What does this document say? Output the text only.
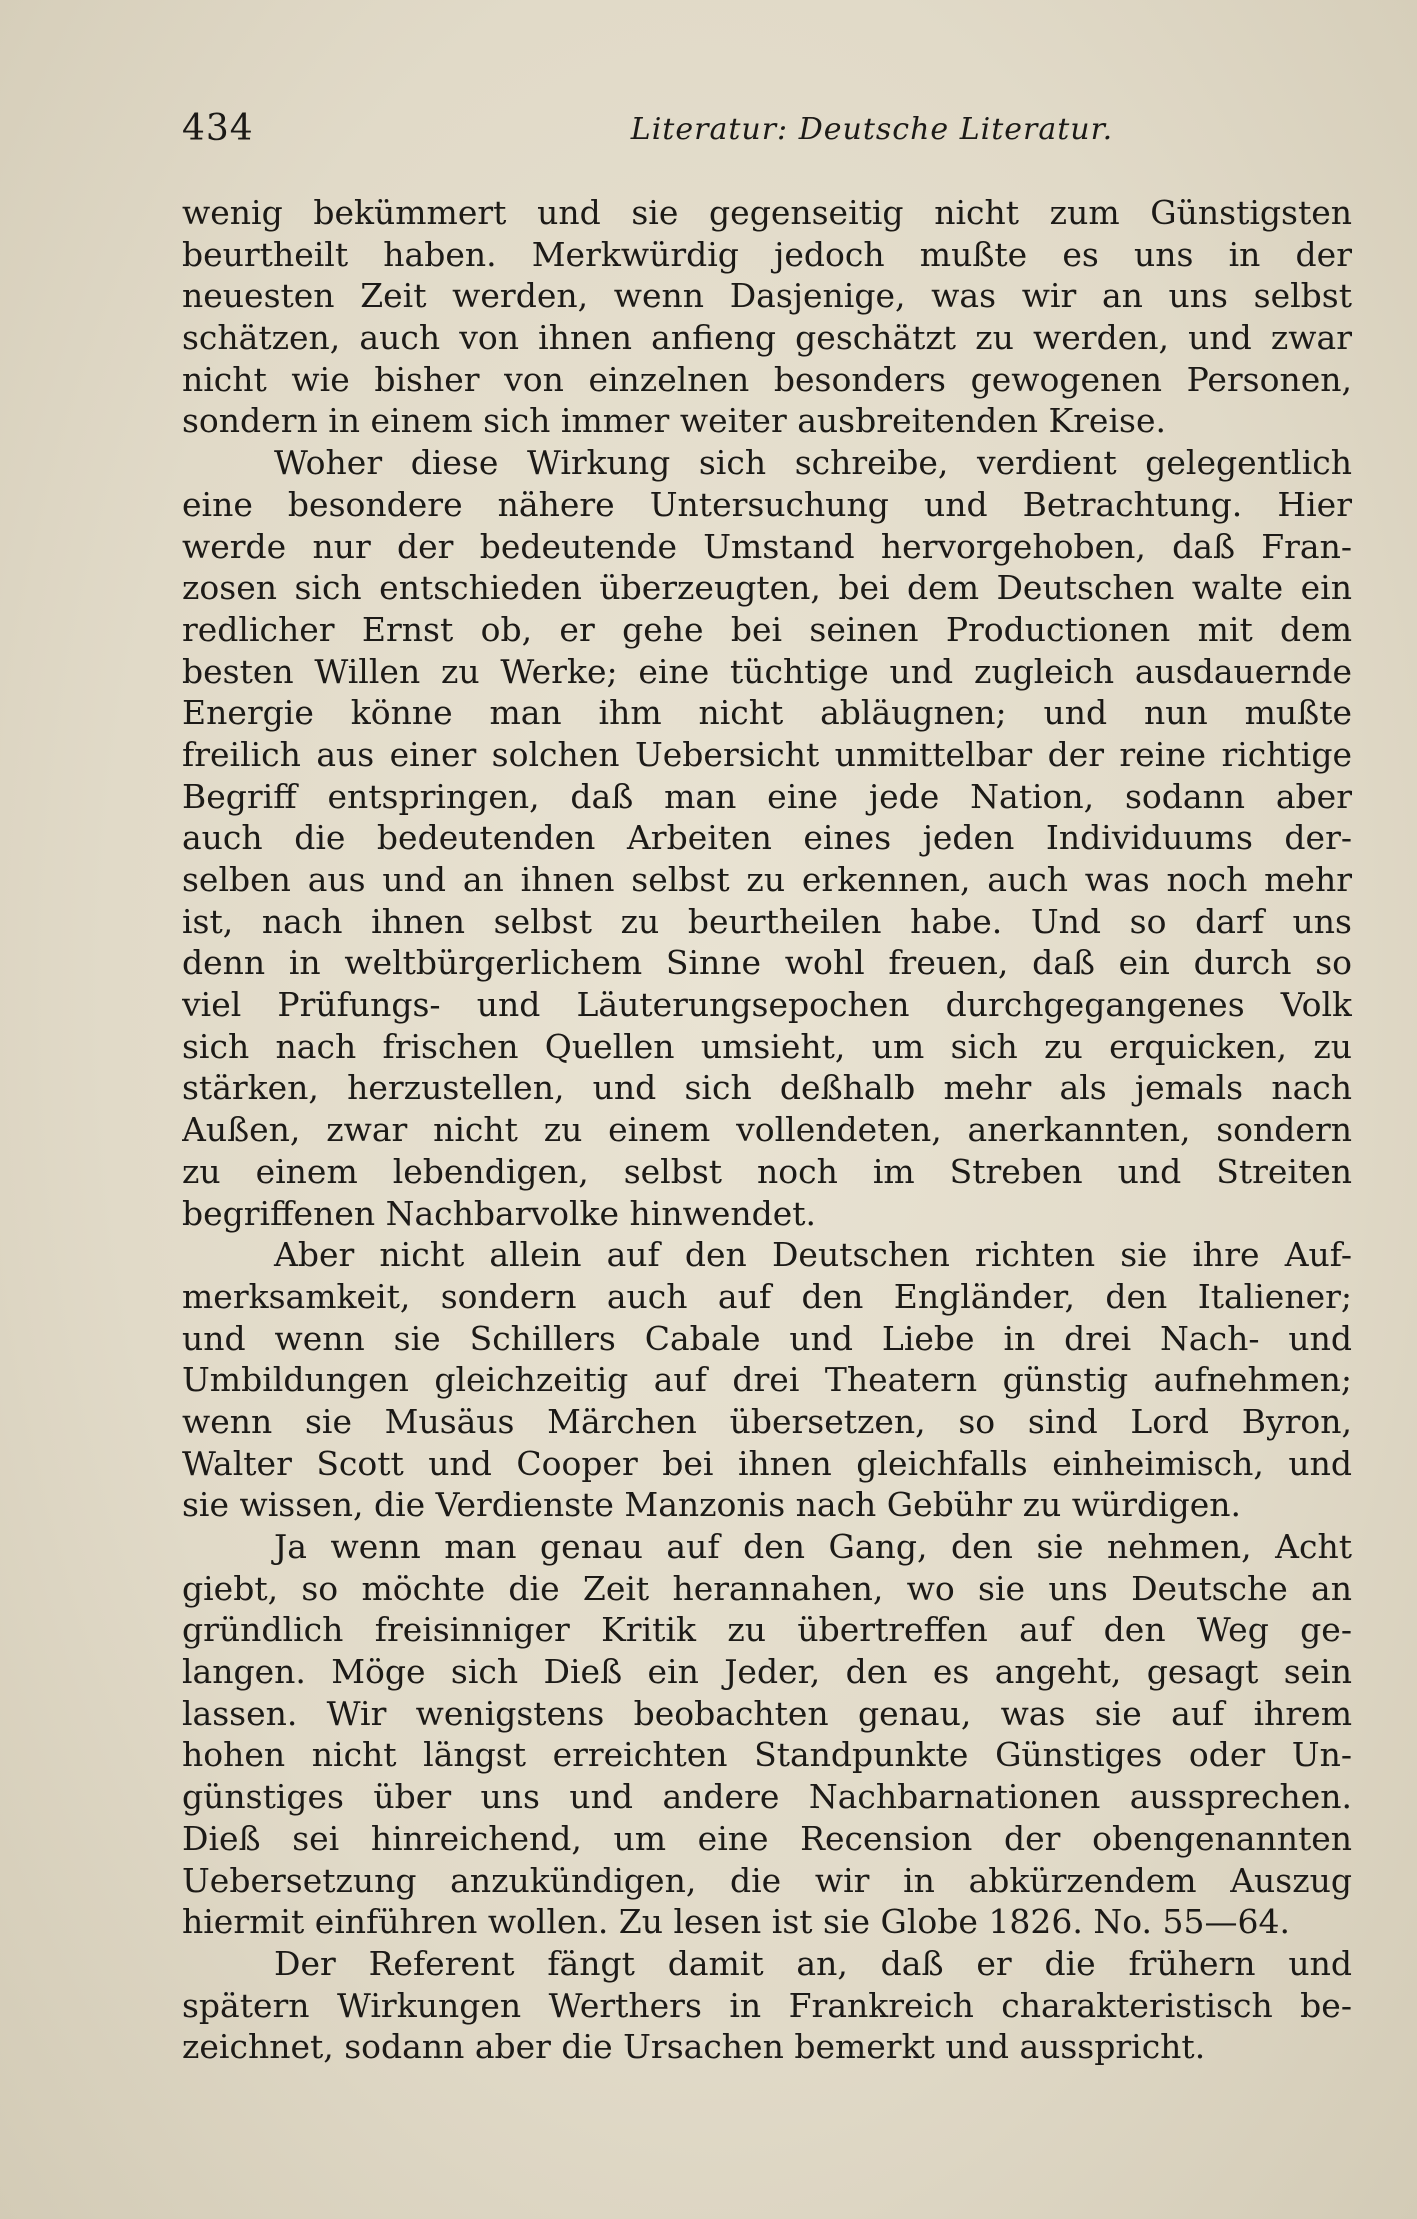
434	Literatur: Deutsche Literatur.
wenig bekümmert und sie gegenseitig nicht zum Günstigsten
beurtheilt haben. Merkwürdig jedoch mußte es uns in der
neuesten Zeit werden, wenn Dasjenige, was wir an uns selbst
schätzen, auch von ihnen anfieng geschätzt zu werden, und zwar
nicht wie bisher von einzelnen besonders gewogenen Personen,
sondern in einem sich immer weiter ausbreitenden Kreise.
Woher diese Wirkung sich schreibe, verdient gelegentlich
eine besondere nähere Untersuchung und Betrachtung. Hier
werde nur der bedeutende Umstand hervorgehoben, daß Fran-
zosen sich entschieden überzeugten, bei dem Deutschen walte ein
redlicher Ernst ob, er gehe bei seinen Productionen mit dem
besten Willen zu Werke; eine tüchtige und zugleich ausdauernde
Energie könne man ihm nicht abläugnen; und nun mußte
freilich aus einer solchen Uebersicht unmittelbar der reine richtige
Begriff entspringen, daß man eine jede Nation, sodann aber
auch die bedeutenden Arbeiten eines jeden Individuums der-
selben aus und an ihnen selbst zu erkennen, auch was noch mehr
ist, nach ihnen selbst zu beurtheilen habe. Und so darf uns
denn in weltbürgerlichem Sinne wohl freuen, daß ein durch so
viel Prüfungs- und Läuterungsepochen durchgegangenes Volk
sich nach frischen Quellen umsieht, um sich zu erquicken, zu
stärken, herzustellen, und sich deßhalb mehr als jemals nach
Außen, zwar nicht zu einem vollendeten, anerkannten, sondern
zu einem lebendigen, selbst noch im Streben und Streiten
begriffenen Nachbarvolke hinwendet.
Aber nicht allein auf den Deutschen richten sie ihre Auf-
merksamkeit, sondern auch auf den Engländer, den Italiener;
und wenn sie Schillers Cabale und Liebe in drei Nach- und
Umbildungen gleichzeitig auf drei Theatern günstig aufnehmen;
wenn sie Musäus Märchen übersetzen, so sind Lord Byron,
Walter Scott und Cooper bei ihnen gleichfalls einheimisch, und
sie wissen, die Verdienste Manzonis nach Gebühr zu würdigen.
Ja wenn man genau auf den Gang, den sie nehmen, Acht
giebt, so möchte die Zeit herannahen, wo sie uns Deutsche an
gründlich freisinniger Kritik zu übertreffen auf den Weg ge-
langen. Möge sich Dieß ein Jeder, den es angeht, gesagt sein
lassen. Wir wenigstens beobachten genau, was sie auf ihrem
hohen nicht längst erreichten Standpunkte Günstiges oder Un-
günstiges über uns und andere Nachbarnationen aussprechen.
Dieß sei hinreichend, um eine Recension der obengenannten
Uebersetzung anzukündigen, die wir in abkürzendem Auszug
hiermit einführen wollen. Zu lesen ist sie Globe 1826. No. 55—64.
Der Referent fängt damit an, daß er die frühern und
spätern Wirkungen Werthers in Frankreich charakteristisch be-
zeichnet, sodann aber die Ursachen bemerkt und ausspricht.
